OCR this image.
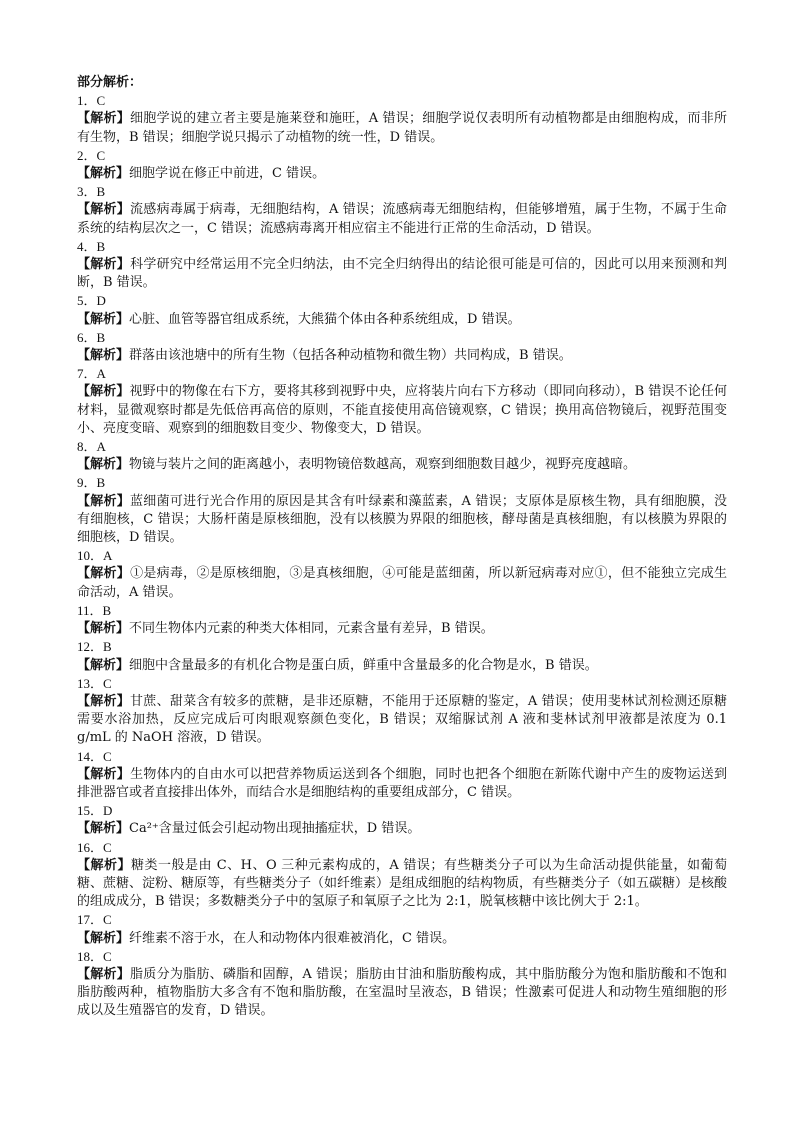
部分解析：
1．C
【解析】细胞学说的建立者主要是施莱登和施旺，A 错误；细胞学说仅表明所有动植物都是由细胞构成，而非所有生物，B 错误；细胞学说只揭示了动植物的统一性，D 错误。
2．C
【解析】细胞学说在修正中前进，C 错误。
3．B
【解析】流感病毒属于病毒，无细胞结构，A 错误；流感病毒无细胞结构，但能够增殖，属于生物，不属于生命系统的结构层次之一，C 错误；流感病毒离开相应宿主不能进行正常的生命活动，D 错误。
4．B
【解析】科学研究中经常运用不完全归纳法，由不完全归纳得出的结论很可能是可信的，因此可以用来预测和判断，B 错误。
5．D
【解析】心脏、血管等器官组成系统，大熊猫个体由各种系统组成，D 错误。
6．B
【解析】群落由该池塘中的所有生物（包括各种动植物和微生物）共同构成，B 错误。
7．A
【解析】视野中的物像在右下方，要将其移到视野中央，应将装片向右下方移动（即同向移动），B 错误不论任何材料，显微观察时都是先低倍再高倍的原则，不能直接使用高倍镜观察，C 错误；换用高倍物镜后，视野范围变小、亮度变暗、观察到的细胞数目变少、物像变大，D 错误。
8．A
【解析】物镜与装片之间的距离越小，表明物镜倍数越高，观察到细胞数目越少，视野亮度越暗。
9．B
【解析】蓝细菌可进行光合作用的原因是其含有叶绿素和藻蓝素，A 错误；支原体是原核生物，具有细胞膜，没有细胞核，C 错误；大肠杆菌是原核细胞，没有以核膜为界限的细胞核，酵母菌是真核细胞，有以核膜为界限的细胞核，D 错误。
10．A
【解析】①是病毒，②是原核细胞，③是真核细胞，④可能是蓝细菌，所以新冠病毒对应①，但不能独立完成生命活动，A 错误。
11．B
【解析】不同生物体内元素的种类大体相同，元素含量有差异，B 错误。
12．B
【解析】细胞中含量最多的有机化合物是蛋白质，鲜重中含量最多的化合物是水，B 错误。
13．C
【解析】甘蔗、甜菜含有较多的蔗糖，是非还原糖，不能用于还原糖的鉴定，A 错误；使用斐林试剂检测还原糖需要水浴加热，反应完成后可肉眼观察颜色变化，B 错误；双缩脲试剂 A 液和斐林试剂甲液都是浓度为 0.1 g/mL 的 NaOH 溶液，D 错误。
14．C
【解析】生物体内的自由水可以把营养物质运送到各个细胞，同时也把各个细胞在新陈代谢中产生的废物运送到排泄器官或者直接排出体外，而结合水是细胞结构的重要组成部分，C 错误。
15．D
【解析】Ca²⁺含量过低会引起动物出现抽搐症状，D 错误。
16．C
【解析】糖类一般是由 C、H、O 三种元素构成的，A 错误；有些糖类分子可以为生命活动提供能量，如葡萄糖、蔗糖、淀粉、糖原等，有些糖类分子（如纤维素）是组成细胞的结构物质，有些糖类分子（如五碳糖）是核酸的组成成分，B 错误；多数糖类分子中的氢原子和氧原子之比为 2:1，脱氧核糖中该比例大于 2:1。
17．C
【解析】纤维素不溶于水，在人和动物体内很难被消化，C 错误。
18．C
【解析】脂质分为脂肪、磷脂和固醇，A 错误；脂肪由甘油和脂肪酸构成，其中脂肪酸分为饱和脂肪酸和不饱和脂肪酸两种，植物脂肪大多含有不饱和脂肪酸，在室温时呈液态，B 错误；性激素可促进人和动物生殖细胞的形成以及生殖器官的发育，D 错误。
